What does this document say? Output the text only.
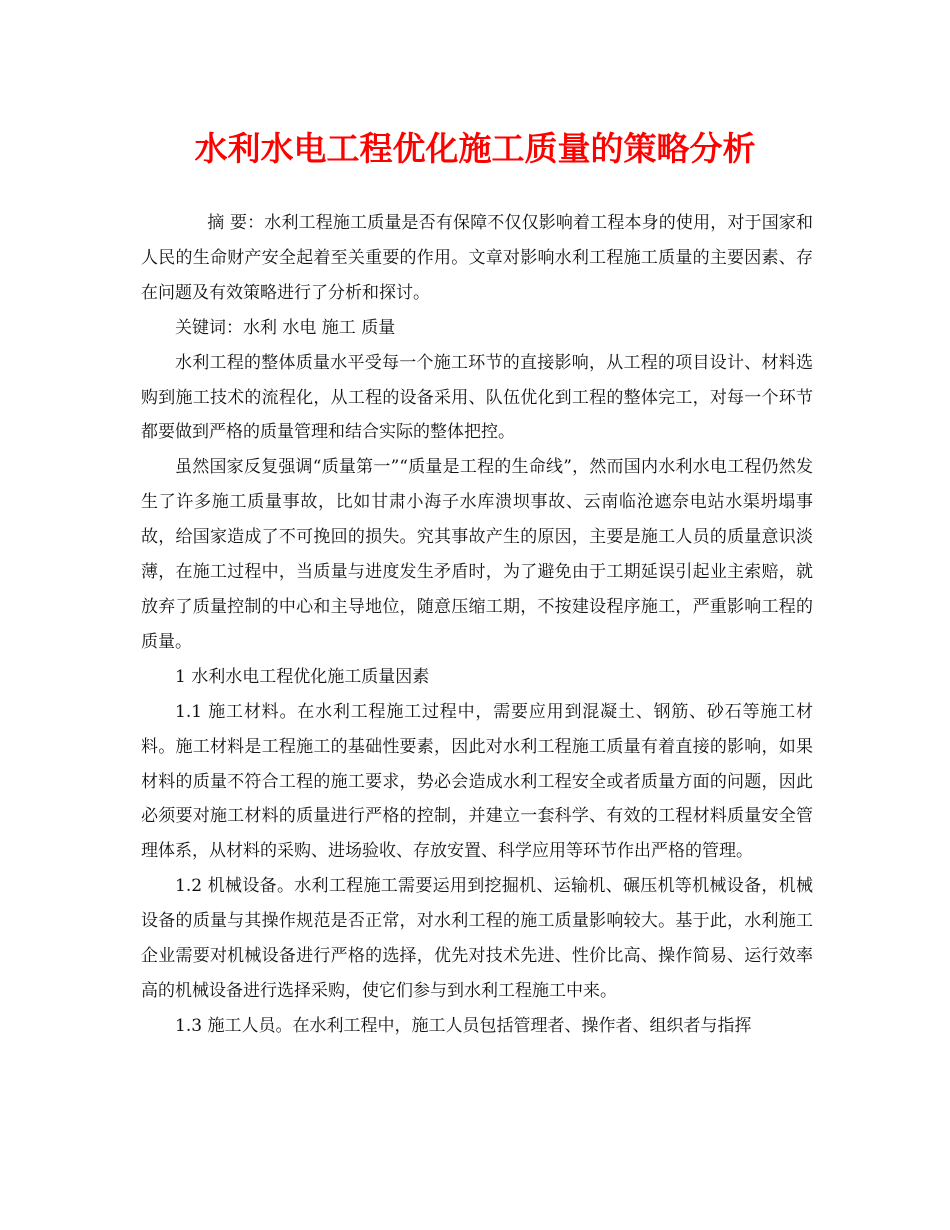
水利水电工程优化施工质量的策略分析

摘 要：水利工程施工质量是否有保障不仅仅影响着工程本身的使用，对于国家和人民的生命财产安全起着至关重要的作用。文章对影响水利工程施工质量的主要因素、存在问题及有效策略进行了分析和探讨。

关键词：水利 水电 施工 质量

水利工程的整体质量水平受每一个施工环节的直接影响，从工程的项目设计、材料选购到施工技术的流程化，从工程的设备采用、队伍优化到工程的整体完工，对每一个环节都要做到严格的质量管理和结合实际的整体把控。

虽然国家反复强调“质量第一”“质量是工程的生命线”，然而国内水利水电工程仍然发生了许多施工质量事故，比如甘肃小海子水库溃坝事故、云南临沧遮奈电站水渠坍塌事故，给国家造成了不可挽回的损失。究其事故产生的原因，主要是施工人员的质量意识淡薄，在施工过程中，当质量与进度发生矛盾时，为了避免由于工期延误引起业主索赔，就放弃了质量控制的中心和主导地位，随意压缩工期，不按建设程序施工，严重影响工程的质量。

1 水利水电工程优化施工质量因素

1.1 施工材料。在水利工程施工过程中，需要应用到混凝土、钢筋、砂石等施工材料。施工材料是工程施工的基础性要素，因此对水利工程施工质量有着直接的影响，如果材料的质量不符合工程的施工要求，势必会造成水利工程安全或者质量方面的问题，因此必须要对施工材料的质量进行严格的控制，并建立一套科学、有效的工程材料质量安全管理体系，从材料的采购、进场验收、存放安置、科学应用等环节作出严格的管理。

1.2 机械设备。水利工程施工需要运用到挖掘机、运输机、碾压机等机械设备，机械设备的质量与其操作规范是否正常，对水利工程的施工质量影响较大。基于此，水利施工企业需要对机械设备进行严格的选择，优先对技术先进、性价比高、操作简易、运行效率高的机械设备进行选择采购，使它们参与到水利工程施工中来。

1.3 施工人员。在水利工程中，施工人员包括管理者、操作者、组织者与指挥
